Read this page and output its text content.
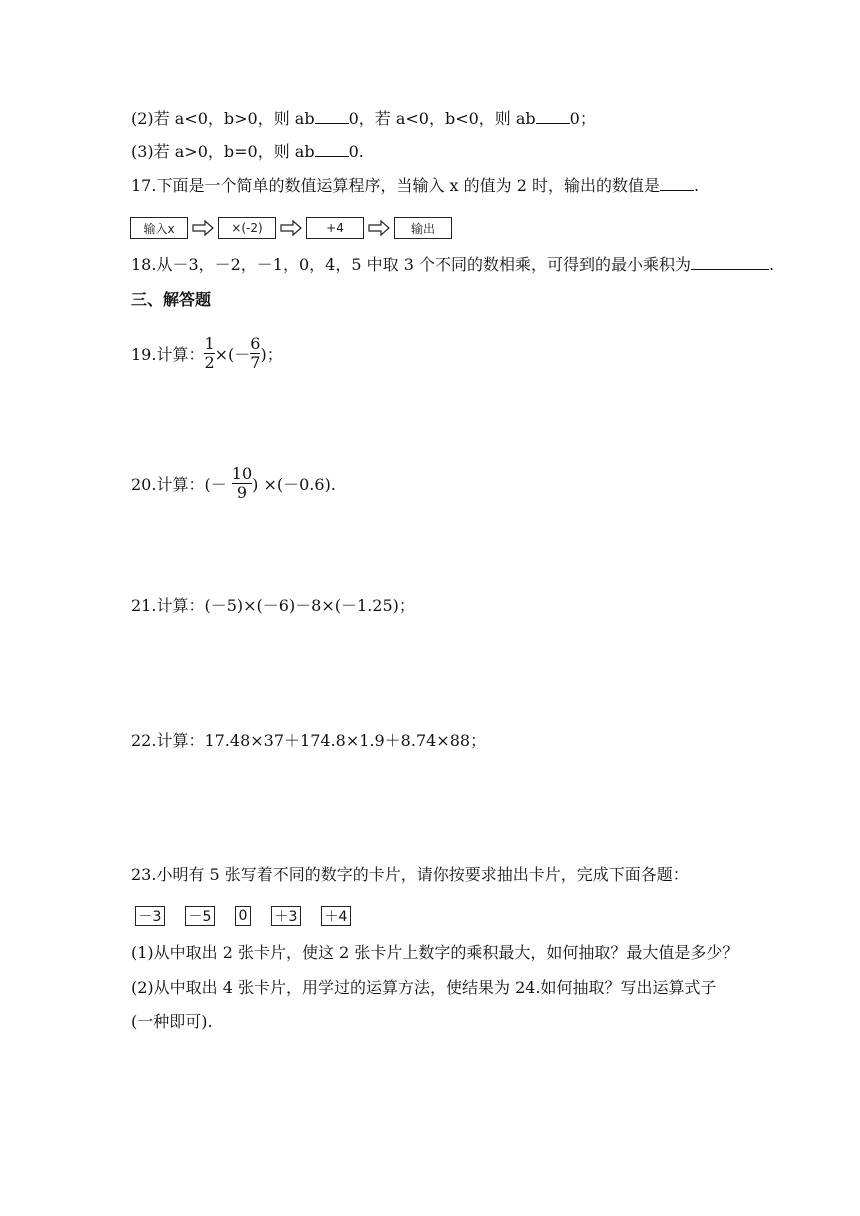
(2)若 a<0，b>0，则 ab 0，若 a<0，b<0，则 ab 0；
(3)若 a>0，b=0，则 ab 0.
17.下面是一个简单的数值运算程序，当输入 x 的值为 2 时，输出的数值是 .
输入x	×(-2)	+4	输出
18.从－3，－2，－1，0，4，5 中取 3 个不同的数相乘，可得到的最小乘积为	.
三、解答题
19.计算： $\frac{1}{2}$ ×(－ $\frac{6}{7}$ )；
20.计算：(－ $\frac{10}{9}$ ) ×(－0.6).
21.计算：(－5)×(－6)－8×(－1.25)；
22.计算：17.48×37＋174.8×1.9＋8.74×88；
23.小明有 5 张写着不同的数字的卡片，请你按要求抽出卡片，完成下面各题：
－3 －5 0 ＋3 ＋4
(1)从中取出 2 张卡片，使这 2 张卡片上数字的乘积最大，如何抽取？最大值是多少？
(2)从中取出 4 张卡片，用学过的运算方法，使结果为 24.如何抽取？写出运算式子
(一种即可).
